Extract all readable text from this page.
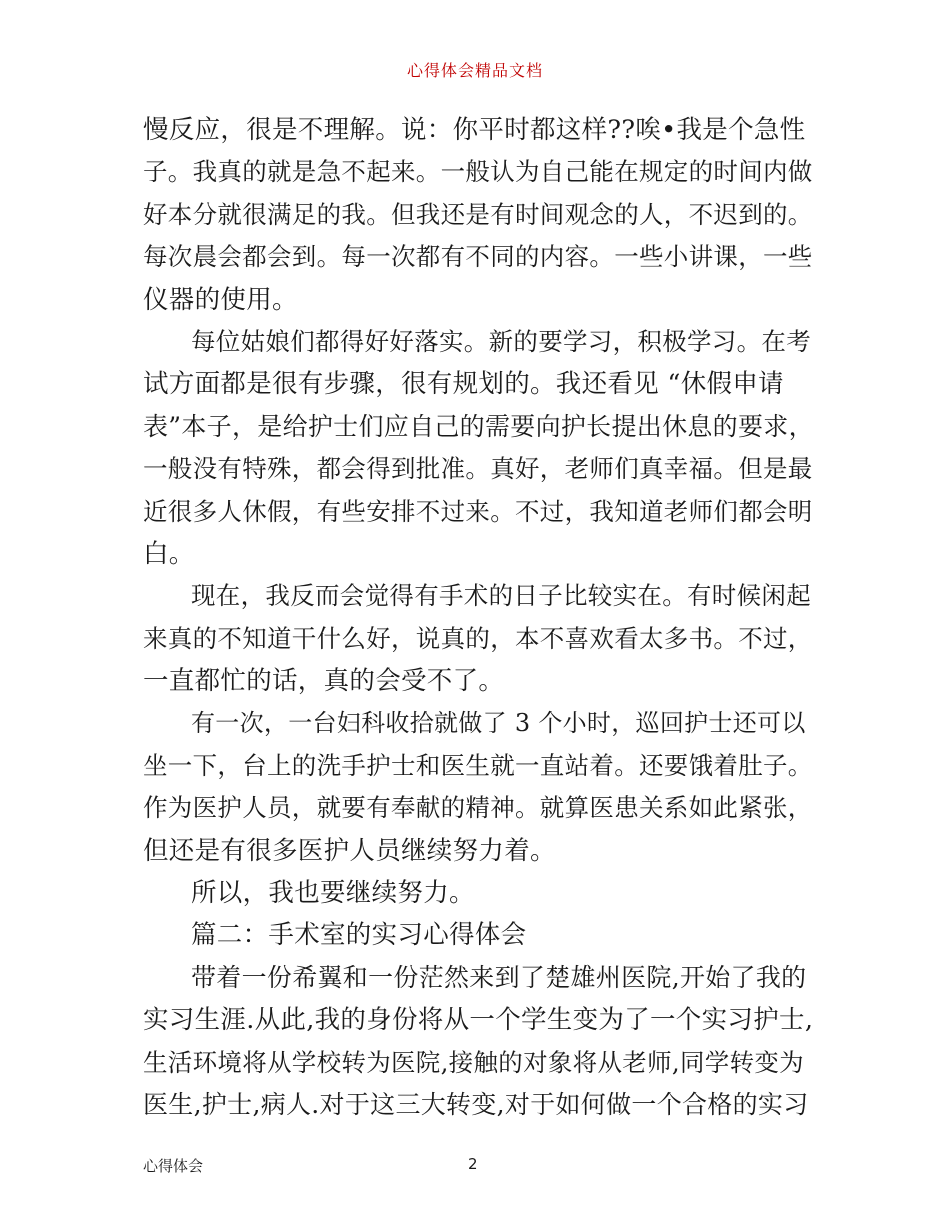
心得体会精品文档
慢反应，很是不理解。说：你平时都这样??唉•我是个急性
子。我真的就是急不起来。一般认为自己能在规定的时间内做
好本分就很满足的我。但我还是有时间观念的人，不迟到的。
每次晨会都会到。每一次都有不同的内容。一些小讲课，一些
仪器的使用。
每位姑娘们都得好好落实。新的要学习，积极学习。在考
试方面都是很有步骤，很有规划的。我还看见 “休假申请
表”本子，是给护士们应自己的需要向护长提出休息的要求，
一般没有特殊，都会得到批准。真好，老师们真幸福。但是最
近很多人休假，有些安排不过来。不过，我知道老师们都会明
白。
现在，我反而会觉得有手术的日子比较实在。有时候闲起
来真的不知道干什么好，说真的，本不喜欢看太多书。不过，
一直都忙的话，真的会受不了。
有一次，一台妇科收拾就做了 3 个小时，巡回护士还可以
坐一下，台上的洗手护士和医生就一直站着。还要饿着肚子。
作为医护人员，就要有奉献的精神。就算医患关系如此紧张，
但还是有很多医护人员继续努力着。
所以，我也要继续努力。
篇二：手术室的实习心得体会
带着一份希翼和一份茫然来到了楚雄州医院,开始了我的
实习生涯.从此,我的身份将从一个学生变为了一个实习护士,
生活环境将从学校转为医院,接触的对象将从老师,同学转变为
医生,护士,病人.对于这三大转变,对于如何做一个合格的实习
心得体会	2
